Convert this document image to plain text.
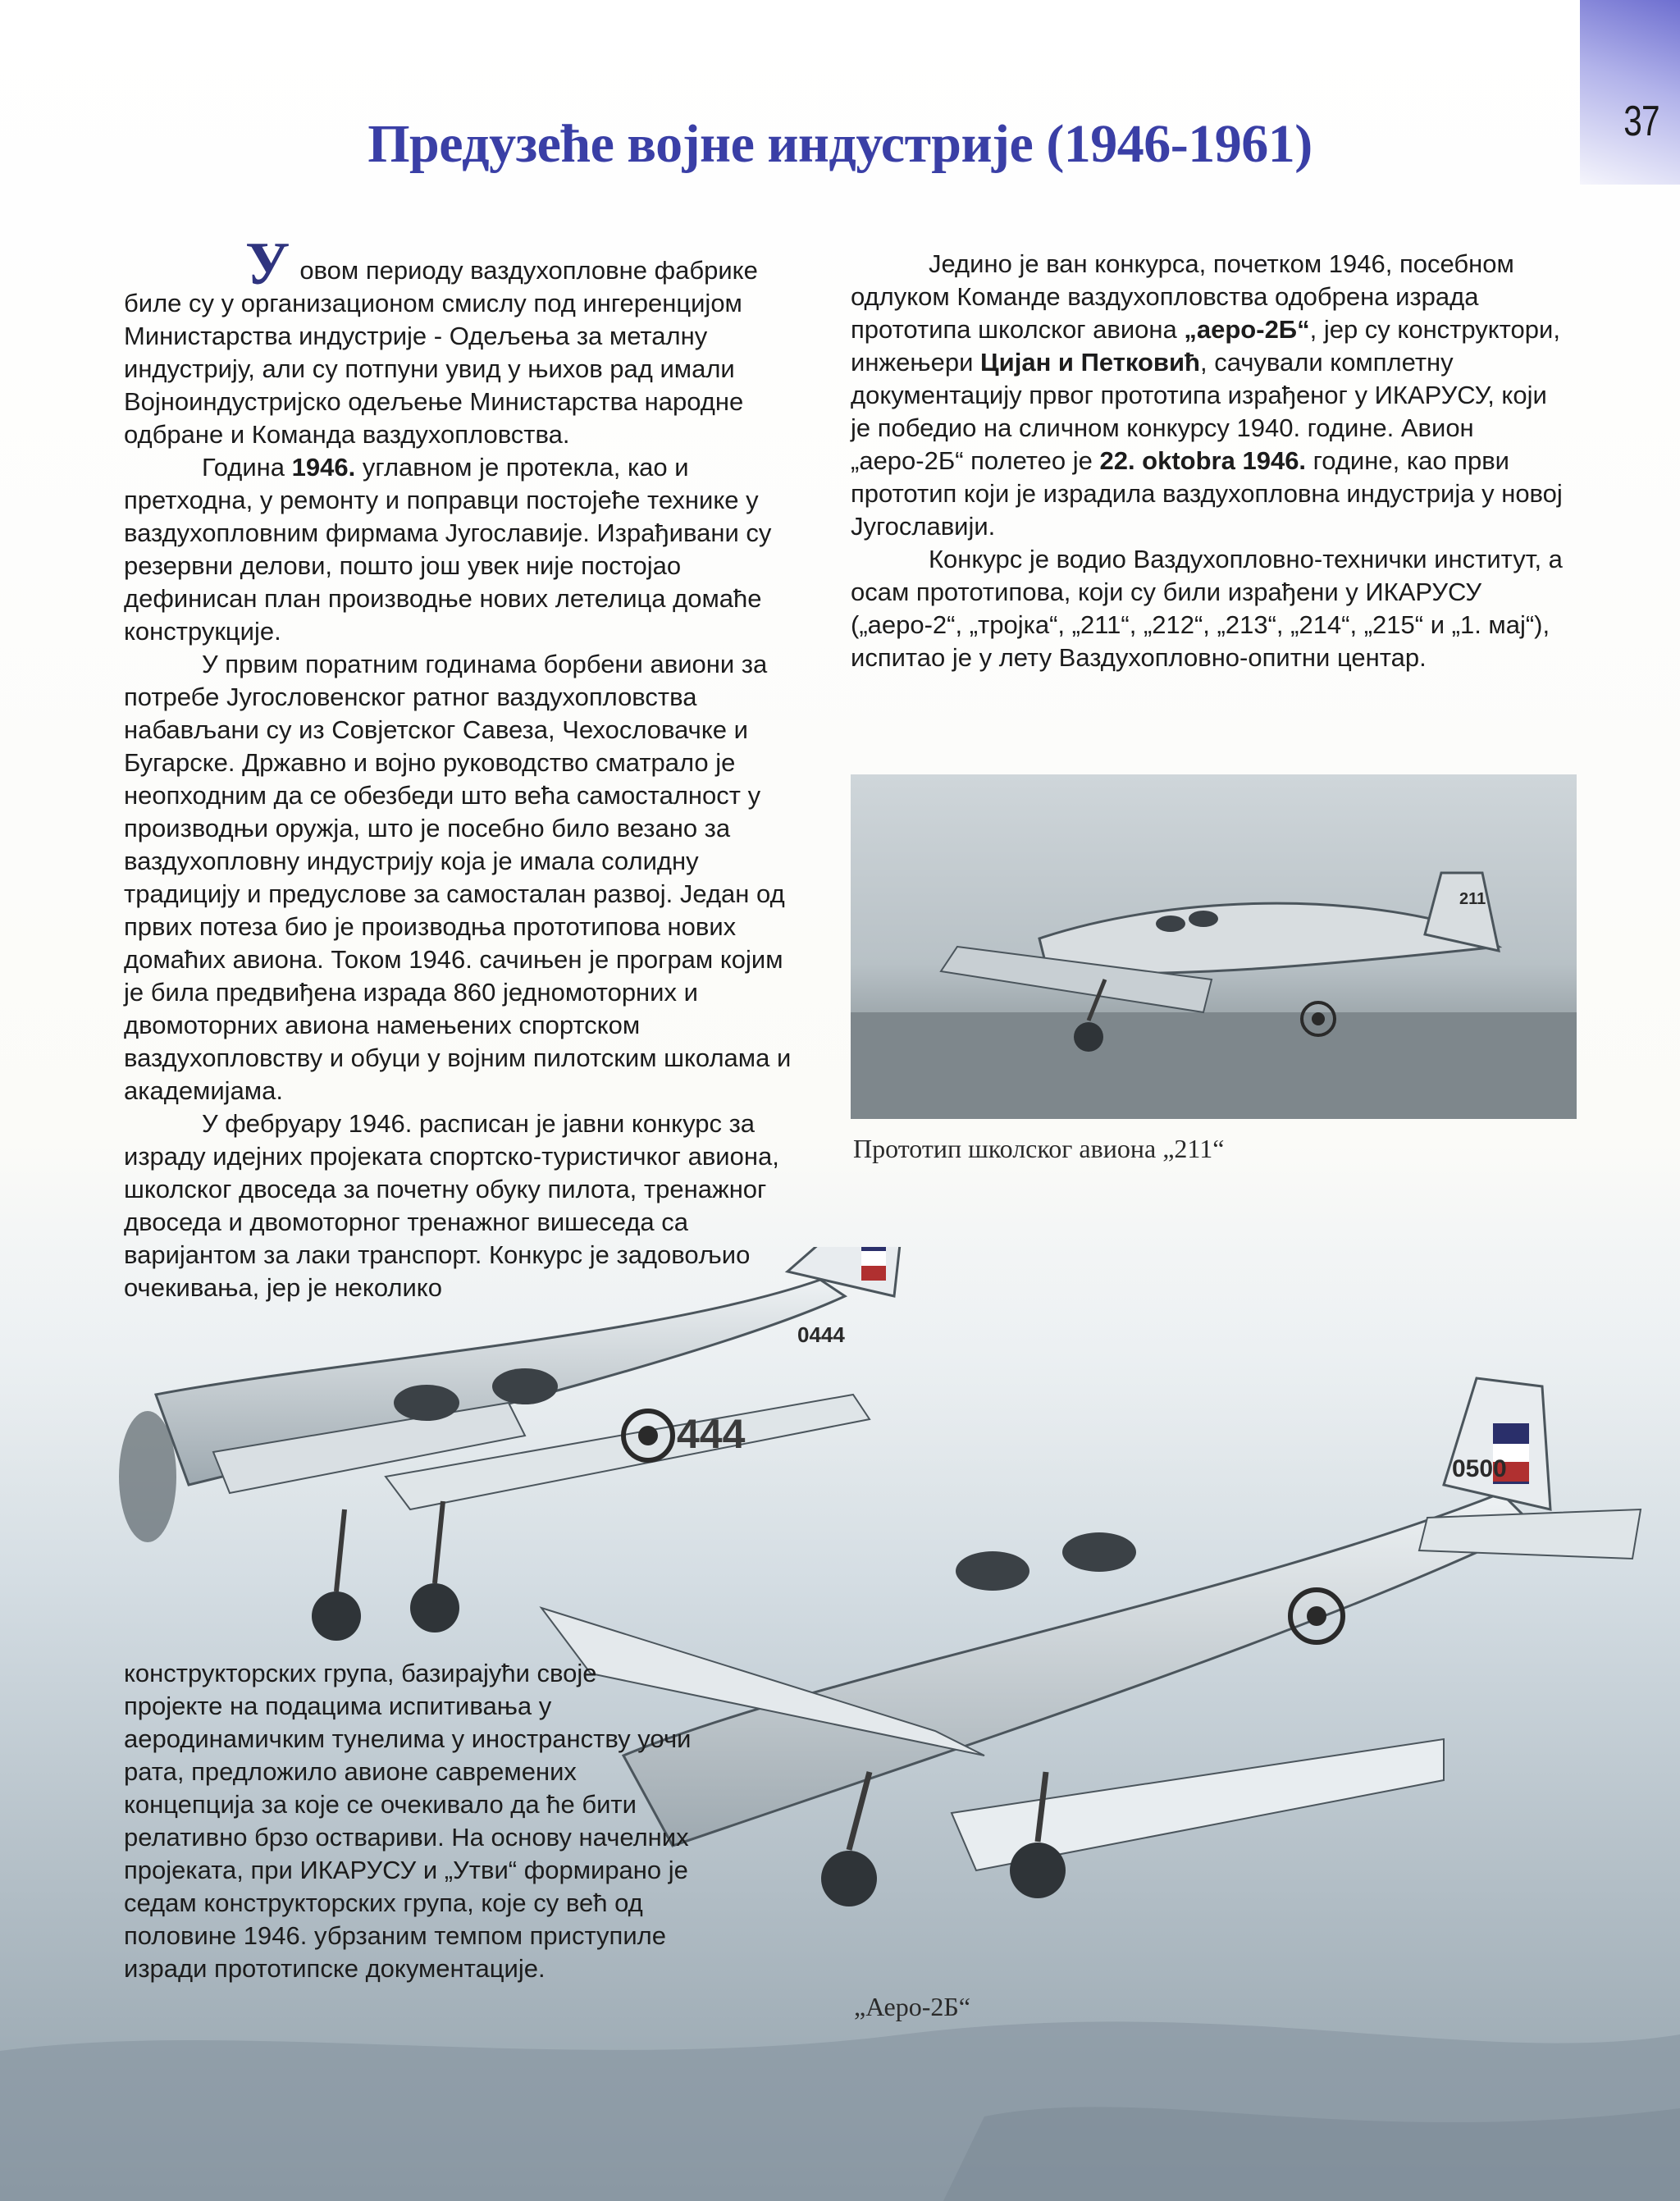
37
Предузеће војне индустрије (1946-1961)
444
0444
0500
211
Прототип школског авиона „211“
„Аеро-2Б“

Уовом периоду ваздухопловне фабрике биле су у организационом смислу под ингеренцијом Министарства индустрије - Одељења за металну индустрију, али су потпуни увид у њихов рад имали Војноиндустријско одељење Министарства народне одбране и Команда ваздухопловства.

Година 1946. углавном је протекла, као и претходна, у ремонту и поправци постојеће технике у ваздухопловним фирмама Југославије. Израђивани су резервни делови, пошто још увек није постојао дефинисан план производње нових летелица домаће конструкције.

У првим поратним годинама борбени авиони за потребе Југословенског ратног ваздухопловства набављани су из Совјетског Савеза, Чехословачке и Бугарске. Државно и војно руководство сматрало је неопходним да се обезбеди што већа самосталност у производњи оружја, што је посебно било везано за ваздухопловну индустрију која је имала солидну традицију и предуслове за самосталан развој. Један од првих потеза био је производња прототипова нових домаћих авиона. Током 1946. сачињен је програм којим је била предвиђена израда 860 једномоторних и двомоторних авиона намењених спортском ваздухопловству и обуци у војним пилотским школама и академијама.

У фебруару 1946. расписан је јавни конкурс за израду идејних пројеката спортско-туристичког авиона, школског двоседа за почетну обуку пилота, тренажног двоседа и двомоторног тренажног вишеседа са варијантом за лаки транспорт. Конкурс је задовољио очекивања, јер је неколико

Једино је ван конкурса, почетком 1946, посебном одлуком Команде ваздухопловства одобрена израда прототипа школског авиона „аеро-2Б“, јер су конструктори, инжењери Цијан и Петковић, сачували комплетну документацију првог прототипа израђеног у ИКАРУСУ, који је победио на сличном конкурсу 1940. године. Авион „аеро-2Б“ полетео је 22. oktobra 1946. године, као први прототип који је израдила ваздухопловна индустрија у новој Југославији.

Конкурс је водио Ваздухопловно-технички институт, а осам прототипова, који су били израђени у ИКАРУСУ („аеро-2“, „тројка“, „211“, „212“, „213“, „214“, „215“ и „1. мај“), испитао је у лету Ваздухопловно-опитни центар.

конструкторских група, базирајући своје пројекте на подацима испитивања у аеродинамичким тунелима у иностранству уочи рата, предложило авионе савремених концепција за које се очекивало да ће бити релативно брзо оствариви. На основу начелних пројеката, при ИКАРУСУ и „Утви“ формирано је седам конструкторских група, које су већ од половине 1946. убрзаним темпом приступиле изради прототипске документације.
